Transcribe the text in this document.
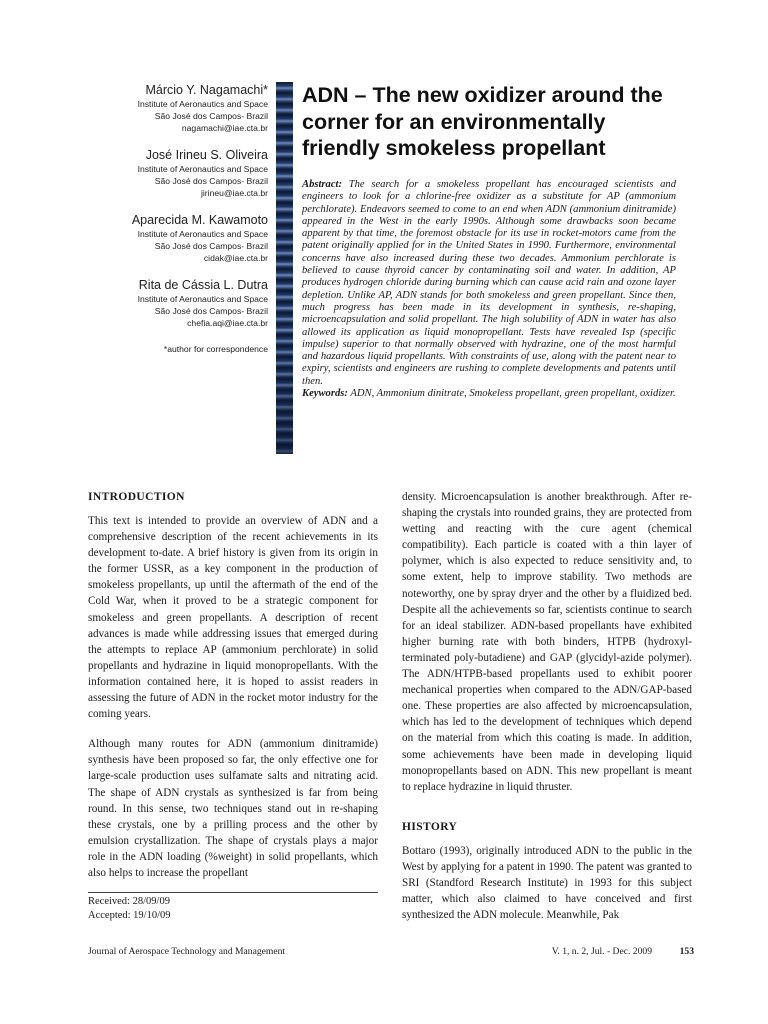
Márcio Y. Nagamachi*
Institute of Aeronautics and Space
São José dos Campos- Brazil
nagamachi@iae.cta.br
José Irineu S. Oliveira
Institute of Aeronautics and Space
São José dos Campos- Brazil
jirineu@iae.cta.br
Aparecida M. Kawamoto
Institute of Aeronautics and Space
São José dos Campos- Brazil
cidak@iae.cta.br
Rita de Cássia L. Dutra
Institute of Aeronautics and Space
São José dos Campos- Brazil
chefia.aqi@iae.cta.br
*author for correspondence
ADN – The new oxidizer around the corner for an environmentally friendly smokeless propellant

Abstract: The search for a smokeless propellant has encouraged scientists and engineers to look for a chlorine-free oxidizer as a substitute for AP (ammonium perchlorate). Endeavors seemed to come to an end when ADN (ammonium dinitramide) appeared in the West in the early 1990s. Although some drawbacks soon became apparent by that time, the foremost obstacle for its use in rocket-motors came from the patent originally applied for in the United States in 1990. Furthermore, environmental concerns have also increased during these two decades. Ammonium perchlorate is believed to cause thyroid cancer by contaminating soil and water. In addition, AP produces hydrogen chloride during burning which can cause acid rain and ozone layer depletion. Unlike AP, ADN stands for both smokeless and green propellant. Since then, much progress has been made in its development in synthesis, re-shaping, microencapsulation and solid propellant. The high solubility of ADN in water has also allowed its application as liquid monopropellant. Tests have revealed Isp (specific impulse) superior to that normally observed with hydrazine, one of the most harmful and hazardous liquid propellants. With constraints of use, along with the patent near to expiry, scientists and engineers are rushing to complete developments and patents until then.
Keywords: ADN, Ammonium dinitrate, Smokeless propellant, green propellant, oxidizer.

INTRODUCTION

This text is intended to provide an overview of ADN and a comprehensive description of the recent achievements in its development to-date. A brief history is given from its origin in the former USSR, as a key component in the production of smokeless propellants, up until the aftermath of the end of the Cold War, when it proved to be a strategic component for smokeless and green propellants. A description of recent advances is made while addressing issues that emerged during the attempts to replace AP (ammonium perchlorate) in solid propellants and hydrazine in liquid monopropellants. With the information contained here, it is hoped to assist readers in assessing the future of ADN in the rocket motor industry for the coming years.

Although many routes for ADN (ammonium dinitramide) synthesis have been proposed so far, the only effective one for large-scale production uses sulfamate salts and nitrating acid. The shape of ADN crystals as synthesized is far from being round. In this sense, two techniques stand out in re-shaping these crystals, one by a prilling process and the other by emulsion crystallization. The shape of crystals plays a major role in the ADN loading (%weight) in solid propellants, which also helps to increase the propellant

density. Microencapsulation is another breakthrough. After re-shaping the crystals into rounded grains, they are protected from wetting and reacting with the cure agent (chemical compatibility). Each particle is coated with a thin layer of polymer, which is also expected to reduce sensitivity and, to some extent, help to improve stability. Two methods are noteworthy, one by spray dryer and the other by a fluidized bed. Despite all the achievements so far, scientists continue to search for an ideal stabilizer. ADN-based propellants have exhibited higher burning rate with both binders, HTPB (hydroxyl-terminated poly-butadiene) and GAP (glycidyl-azide polymer). The ADN/HTPB-based propellants used to exhibit poorer mechanical properties when compared to the ADN/GAP-based one. These properties are also affected by microencapsulation, which has led to the development of techniques which depend on the material from which this coating is made. In addition, some achievements have been made in developing liquid monopropellants based on ADN. This new propellant is meant to replace hydrazine in liquid thruster.

HISTORY

Bottaro (1993), originally introduced ADN to the public in the West by applying for a patent in 1990. The patent was granted to SRI (Standford Research Institute) in 1993 for this subject matter, which also claimed to have conceived and first synthesized the ADN molecule. Meanwhile, Pak

Received: 28/09/09
Accepted: 19/10/09
Journal of Aerospace Technology and Management	V. 1, n. 2, Jul. - Dec. 2009	153
